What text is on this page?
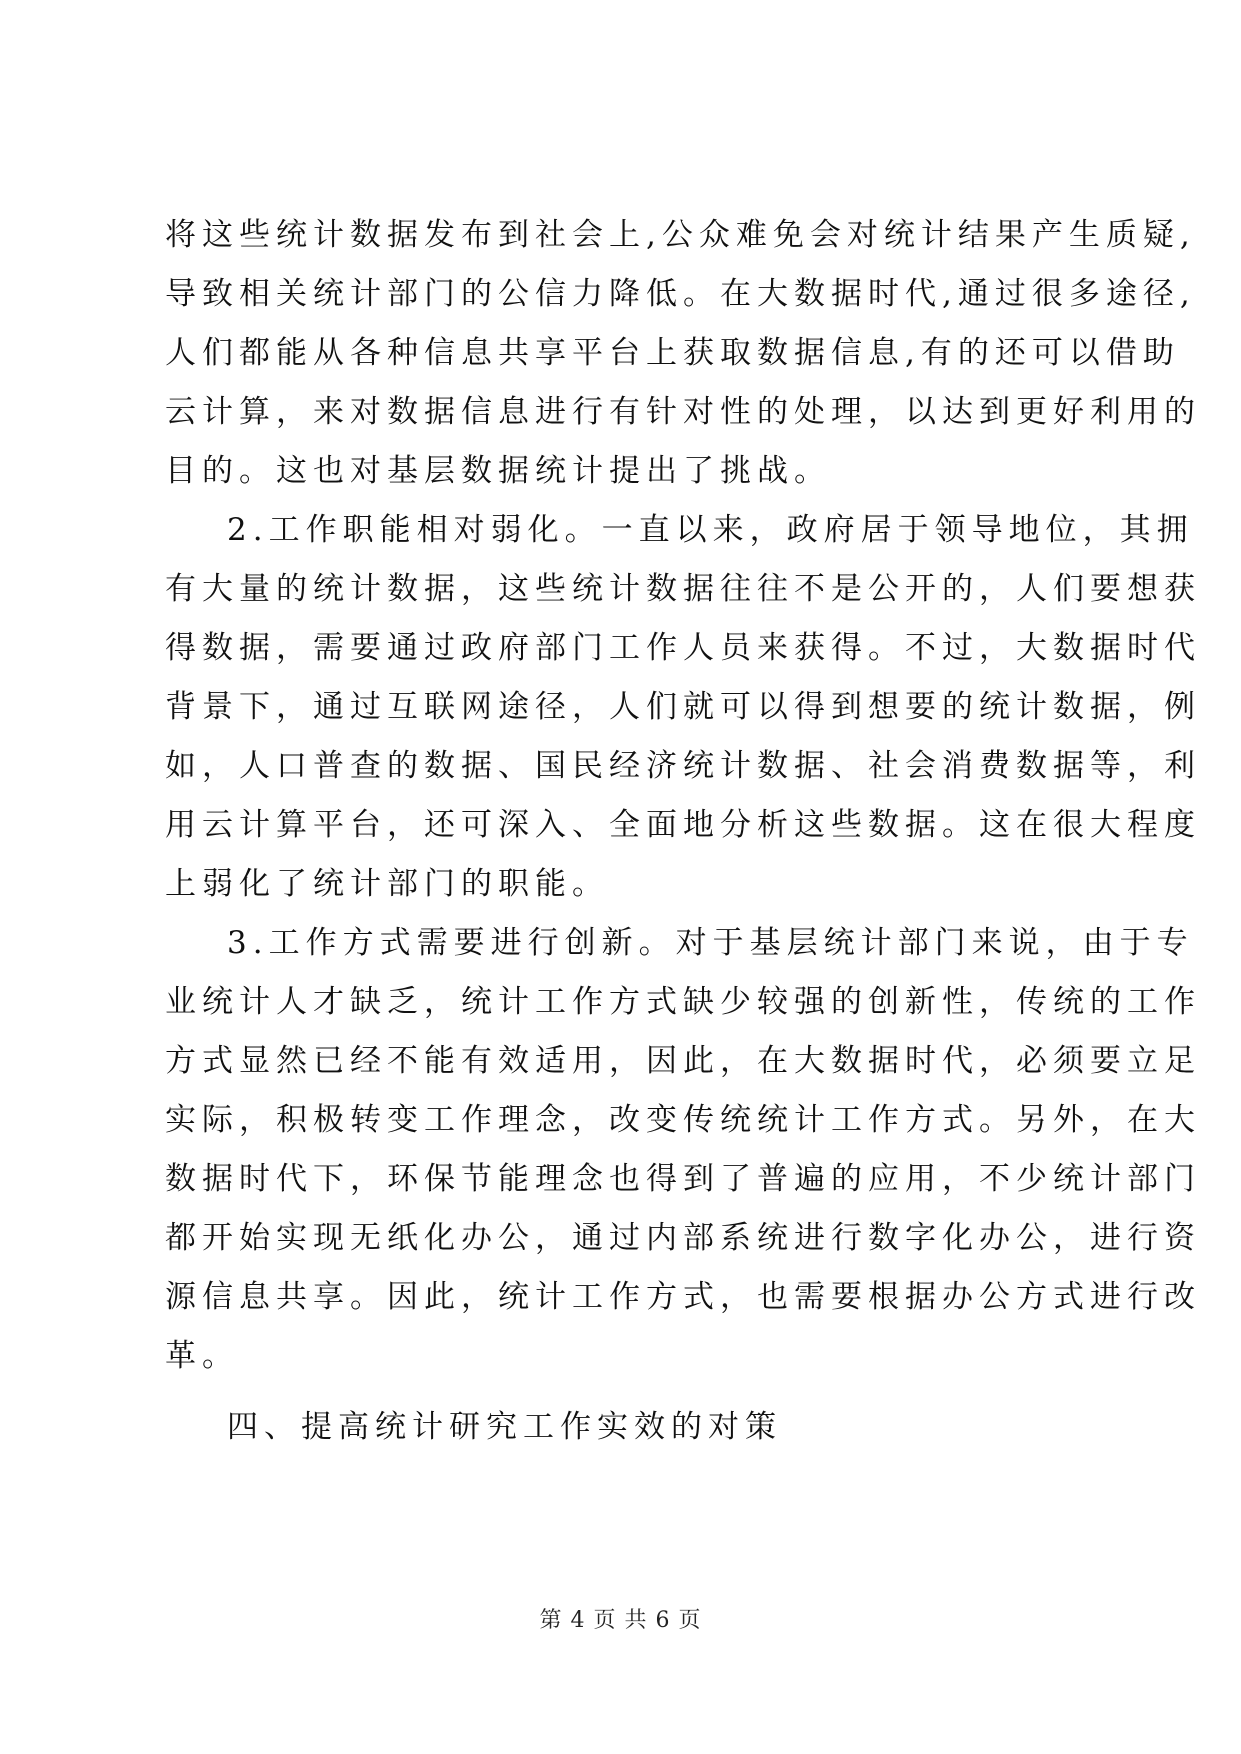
将这些统计数据发布到社会上,公众难免会对统计结果产生质疑,
导致相关统计部门的公信力降低。在大数据时代,通过很多途径,
人们都能从各种信息共享平台上获取数据信息,有的还可以借助
云计算，来对数据信息进行有针对性的处理，以达到更好利用的
目的。这也对基层数据统计提出了挑战。
2.工作职能相对弱化。一直以来，政府居于领导地位，其拥
有大量的统计数据，这些统计数据往往不是公开的，人们要想获
得数据，需要通过政府部门工作人员来获得。不过，大数据时代
背景下，通过互联网途径，人们就可以得到想要的统计数据，例
如，人口普查的数据、国民经济统计数据、社会消费数据等，利
用云计算平台，还可深入、全面地分析这些数据。这在很大程度
上弱化了统计部门的职能。
3.工作方式需要进行创新。对于基层统计部门来说，由于专
业统计人才缺乏，统计工作方式缺少较强的创新性，传统的工作
方式显然已经不能有效适用，因此，在大数据时代，必须要立足
实际，积极转变工作理念，改变传统统计工作方式。另外，在大
数据时代下，环保节能理念也得到了普遍的应用，不少统计部门
都开始实现无纸化办公，通过内部系统进行数字化办公，进行资
源信息共享。因此，统计工作方式，也需要根据办公方式进行改
革。
四、提高统计研究工作实效的对策
第 4 页 共 6 页
